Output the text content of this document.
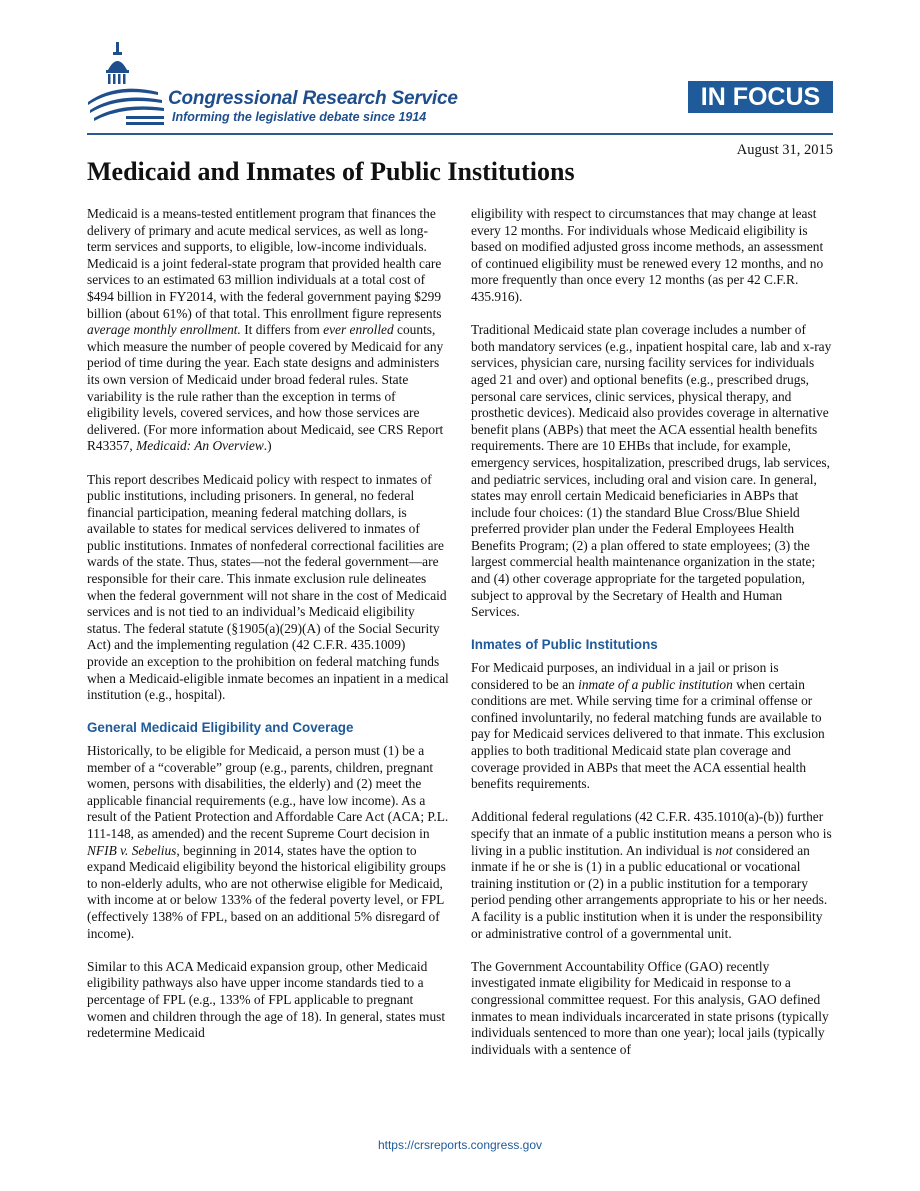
Congressional Research Service
Informing the legislative debate since 1914
IN FOCUS
August 31, 2015
Medicaid and Inmates of Public Institutions

Medicaid is a means-tested entitlement program that finances the delivery of primary and acute medical services, as well as long-term services and supports, to eligible, low-income individuals. Medicaid is a joint federal-state program that provided health care services to an estimated 63 million individuals at a total cost of $494 billion in FY2014, with the federal government paying $299 billion (about 61%) of that total. This enrollment figure represents average monthly enrollment. It differs from ever enrolled counts, which measure the number of people covered by Medicaid for any period of time during the year. Each state designs and administers its own version of Medicaid under broad federal rules. State variability is the rule rather than the exception in terms of eligibility levels, covered services, and how those services are delivered. (For more information about Medicaid, see CRS Report R43357, Medicaid: An Overview.)

This report describes Medicaid policy with respect to inmates of public institutions, including prisoners. In general, no federal financial participation, meaning federal matching dollars, is available to states for medical services delivered to inmates of public institutions. Inmates of nonfederal correctional facilities are wards of the state. Thus, states—not the federal government—are responsible for their care. This inmate exclusion rule delineates when the federal government will not share in the cost of Medicaid services and is not tied to an individual’s Medicaid eligibility status. The federal statute (§1905(a)(29)(A) of the Social Security Act) and the implementing regulation (42 C.F.R. 435.1009) provide an exception to the prohibition on federal matching funds when a Medicaid-eligible inmate becomes an inpatient in a medical institution (e.g., hospital).

General Medicaid Eligibility and Coverage

Historically, to be eligible for Medicaid, a person must (1) be a member of a “coverable” group (e.g., parents, children, pregnant women, persons with disabilities, the elderly) and (2) meet the applicable financial requirements (e.g., have low income). As a result of the Patient Protection and Affordable Care Act (ACA; P.L. 111-148, as amended) and the recent Supreme Court decision in NFIB v. Sebelius, beginning in 2014, states have the option to expand Medicaid eligibility beyond the historical eligibility groups to non-elderly adults, who are not otherwise eligible for Medicaid, with income at or below 133% of the federal poverty level, or FPL (effectively 138% of FPL, based on an additional 5% disregard of income).

Similar to this ACA Medicaid expansion group, other Medicaid eligibility pathways also have upper income standards tied to a percentage of FPL (e.g., 133% of FPL applicable to pregnant women and children through the age of 18). In general, states must redetermine Medicaid

eligibility with respect to circumstances that may change at least every 12 months. For individuals whose Medicaid eligibility is based on modified adjusted gross income methods, an assessment of continued eligibility must be renewed every 12 months, and no more frequently than once every 12 months (as per 42 C.F.R. 435.916).

Traditional Medicaid state plan coverage includes a number of both mandatory services (e.g., inpatient hospital care, lab and x-ray services, physician care, nursing facility services for individuals aged 21 and over) and optional benefits (e.g., prescribed drugs, personal care services, clinic services, physical therapy, and prosthetic devices). Medicaid also provides coverage in alternative benefit plans (ABPs) that meet the ACA essential health benefits requirements. There are 10 EHBs that include, for example, emergency services, hospitalization, prescribed drugs, lab services, and pediatric services, including oral and vision care. In general, states may enroll certain Medicaid beneficiaries in ABPs that include four choices: (1) the standard Blue Cross/Blue Shield preferred provider plan under the Federal Employees Health Benefits Program; (2) a plan offered to state employees; (3) the largest commercial health maintenance organization in the state; and (4) other coverage appropriate for the targeted population, subject to approval by the Secretary of Health and Human Services.

Inmates of Public Institutions

For Medicaid purposes, an individual in a jail or prison is considered to be an inmate of a public institution when certain conditions are met. While serving time for a criminal offense or confined involuntarily, no federal matching funds are available to pay for Medicaid services delivered to that inmate. This exclusion applies to both traditional Medicaid state plan coverage and coverage provided in ABPs that meet the ACA essential health benefits requirements.

Additional federal regulations (42 C.F.R. 435.1010(a)-(b)) further specify that an inmate of a public institution means a person who is living in a public institution. An individual is not considered an inmate if he or she is (1) in a public educational or vocational training institution or (2) in a public institution for a temporary period pending other arrangements appropriate to his or her needs. A facility is a public institution when it is under the responsibility or administrative control of a governmental unit.

The Government Accountability Office (GAO) recently investigated inmate eligibility for Medicaid in response to a congressional committee request. For this analysis, GAO defined inmates to mean individuals incarcerated in state prisons (typically individuals sentenced to more than one year); local jails (typically individuals with a sentence of

https://crsreports.congress.gov
